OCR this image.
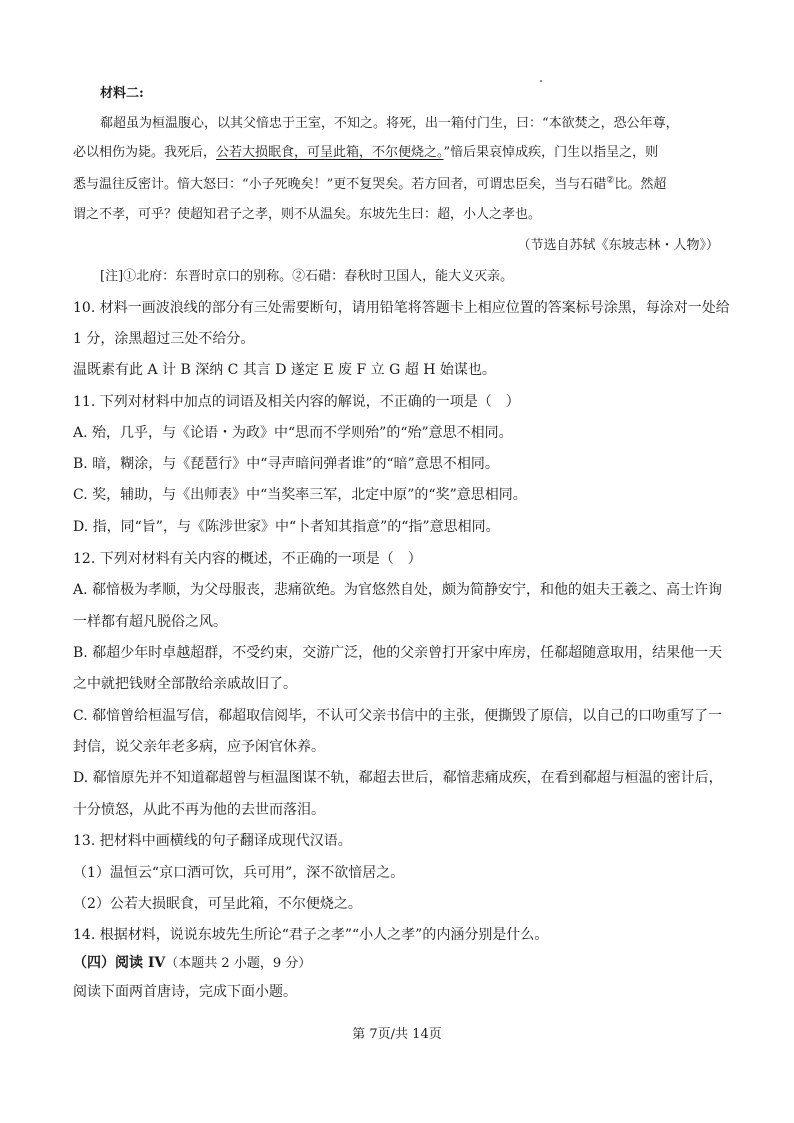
材料二:
郗超虽为桓温腹心，以其父愔忠于王室，不知之。将死，出一箱付门生，曰：“本欲焚之，恐公年尊，
必以相伤为毙。我死后，公若大损眠食，可呈此箱，不尔便烧之。”愔后果哀悼成疾，门生以指呈之，则
悉与温往反密计。愔大怒曰：“小子死晚矣！”更不复哭矣。若方回者，可谓忠臣矣，当与石碏②比。然超
谓之不孝，可乎？使超知君子之孝，则不从温矣。东坡先生曰：超，小人之孝也。
（节选自苏轼《东坡志林・人物》）
[注]①北府：东晋时京口的别称。②石碏：春秋时卫国人，能大义灭亲。
10. 材料一画波浪线的部分有三处需要断句，请用铅笔将答题卡上相应位置的答案标号涂黑，每涂对一处给
1 分，涂黑超过三处不给分。
温既素有此 A 计 B 深纳 C 其言 D 遂定 E 废 F 立 G 超 H 始谋也。
11. 下列对材料中加点的词语及相关内容的解说，不正确的一项是（　）
A. 殆，几乎，与《论语・为政》中“思而不学则殆”的“殆”意思不相同。
B. 暗，糊涂，与《琵琶行》中“寻声暗问弹者谁”的“暗”意思不相同。
C. 奖，辅助，与《出师表》中“当奖率三军，北定中原”的“奖”意思相同。
D. 指，同“旨”，与《陈涉世家》中“卜者知其指意”的“指”意思相同。
12. 下列对材料有关内容的概述，不正确的一项是（　）
A. 郗愔极为孝顺，为父母服丧，悲痛欲绝。为官悠然自处，颇为简静安宁，和他的姐夫王羲之、高士许询
一样都有超凡脱俗之风。
B. 郗超少年时卓越超群，不受约束，交游广泛，他的父亲曾打开家中库房，任郗超随意取用，结果他一天
之中就把钱财全部散给亲戚故旧了。
C. 郗愔曾给桓温写信，郗超取信阅毕，不认可父亲书信中的主张，便撕毁了原信，以自己的口吻重写了一
封信，说父亲年老多病，应予闲官休养。
D. 郗愔原先并不知道郗超曾与桓温图谋不轨，郗超去世后，郗愔悲痛成疾，在看到郗超与桓温的密计后，
十分愤怒，从此不再为他的去世而落泪。
13. 把材料中画横线的句子翻译成现代汉语。
（1）温恒云“京口酒可饮，兵可用”，深不欲愔居之。
（2）公若大损眠食，可呈此箱，不尔便烧之。
14. 根据材料，说说东坡先生所论“君子之孝”“小人之孝”的内涵分别是什么。
（四）阅读 IV（本题共 2 小题，9 分）
阅读下面两首唐诗，完成下面小题。
第 7页/共 14页
